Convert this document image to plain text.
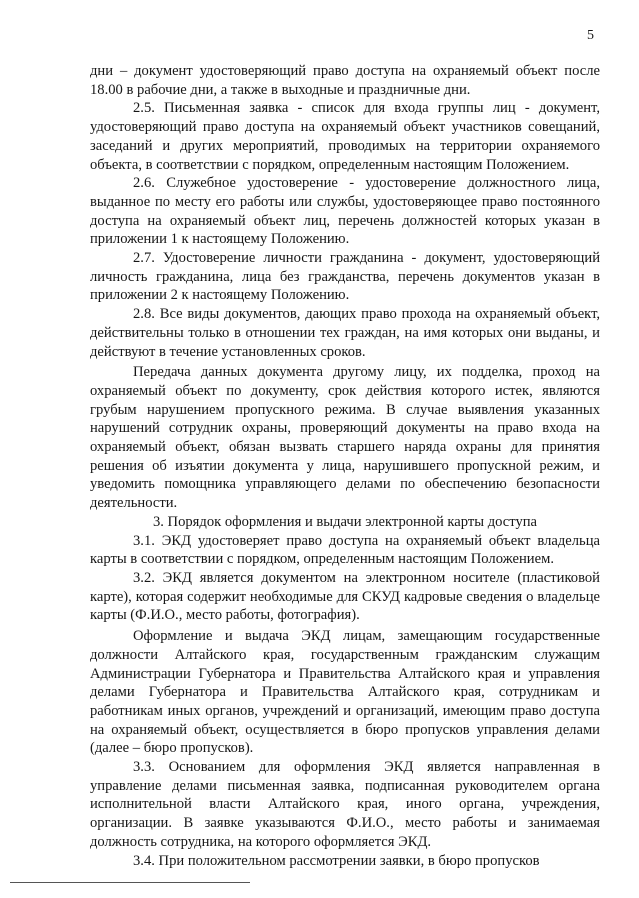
5

дни – документ удостоверяющий право доступа на охраняемый объект после 18.00 в рабочие дни, а также в выходные и праздничные дни.

2.5. Письменная заявка - список для входа группы лиц - документ, удостоверяющий право доступа на охраняемый объект участников совещаний, заседаний и других мероприятий, проводимых на территории охраняемого объекта, в соответствии с порядком, определенным настоящим Положением.

2.6. Служебное удостоверение - удостоверение должностного лица, выданное по месту его работы или службы, удостоверяющее право постоянного доступа на охраняемый объект лиц, перечень должностей которых указан в приложении 1 к настоящему Положению.

2.7. Удостоверение личности гражданина - документ, удостоверяющий личность гражданина, лица без гражданства, перечень документов указан в приложении 2 к настоящему Положению.

2.8. Все виды документов, дающих право прохода на охраняемый объект, действительны только в отношении тех граждан, на имя которых они выданы, и действуют в течение установленных сроков.

Передача данных документа другому лицу, их подделка, проход на охраняемый объект по документу, срок действия которого истек, являются грубым нарушением пропускного режима. В случае выявления указанных нарушений сотрудник охраны, проверяющий документы на право входа на охраняемый объект, обязан вызвать старшего наряда охраны для принятия решения об изъятии документа у лица, нарушившего пропускной режим, и уведомить помощника управляющего делами по обеспечению безопасности деятельности.

3. Порядок оформления и выдачи электронной карты доступа

3.1. ЭКД удостоверяет право доступа на охраняемый объект владельца карты в соответствии с порядком, определенным настоящим Положением.

3.2. ЭКД является документом на электронном носителе (пластиковой карте), которая содержит необходимые для СКУД кадровые сведения о владельце карты (Ф.И.О., место работы, фотография).

Оформление и выдача ЭКД лицам, замещающим государственные должности Алтайского края, государственным гражданским служащим Администрации Губернатора и Правительства Алтайского края и управления делами Губернатора и Правительства Алтайского края, сотрудникам и работникам иных органов, учреждений и организаций, имеющим право доступа на охраняемый объект, осуществляется в бюро пропусков управления делами (далее – бюро пропусков).

3.3. Основанием для оформления ЭКД является направленная в управление делами письменная заявка, подписанная руководителем органа исполнительной власти Алтайского края, иного органа, учреждения, организации. В заявке указываются Ф.И.О., место работы и занимаемая должность сотрудника, на которого оформляется ЭКД.

3.4. При положительном рассмотрении заявки, в бюро пропусков
